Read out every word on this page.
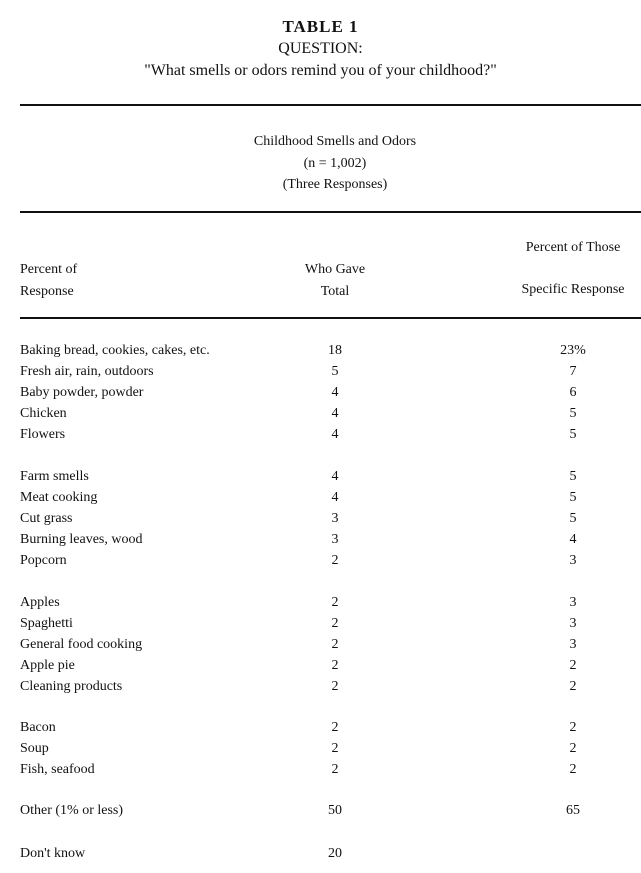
TABLE 1
QUESTION:
"What smells or odors remind you of your childhood?"
Childhood Smells and Odors
(n = 1,002)
(Three Responses)
Percent of
Response
Who Gave
Total
Percent of Those
Specific Response
Baking bread, cookies, cakes, etc.	18	23%
Fresh air, rain, outdoors	5	7
Baby powder, powder	4	6
Chicken	4	5
Flowers	4	5
Farm smells	4	5
Meat cooking	4	5
Cut grass	3	5
Burning leaves, wood	3	4
Popcorn	2	3
Apples	2	3
Spaghetti	2	3
General food cooking	2	3
Apple pie	2	2
Cleaning products	2	2
Bacon	2	2
Soup	2	2
Fish, seafood	2	2
Other (1% or less)	50	65
Don't know	20
